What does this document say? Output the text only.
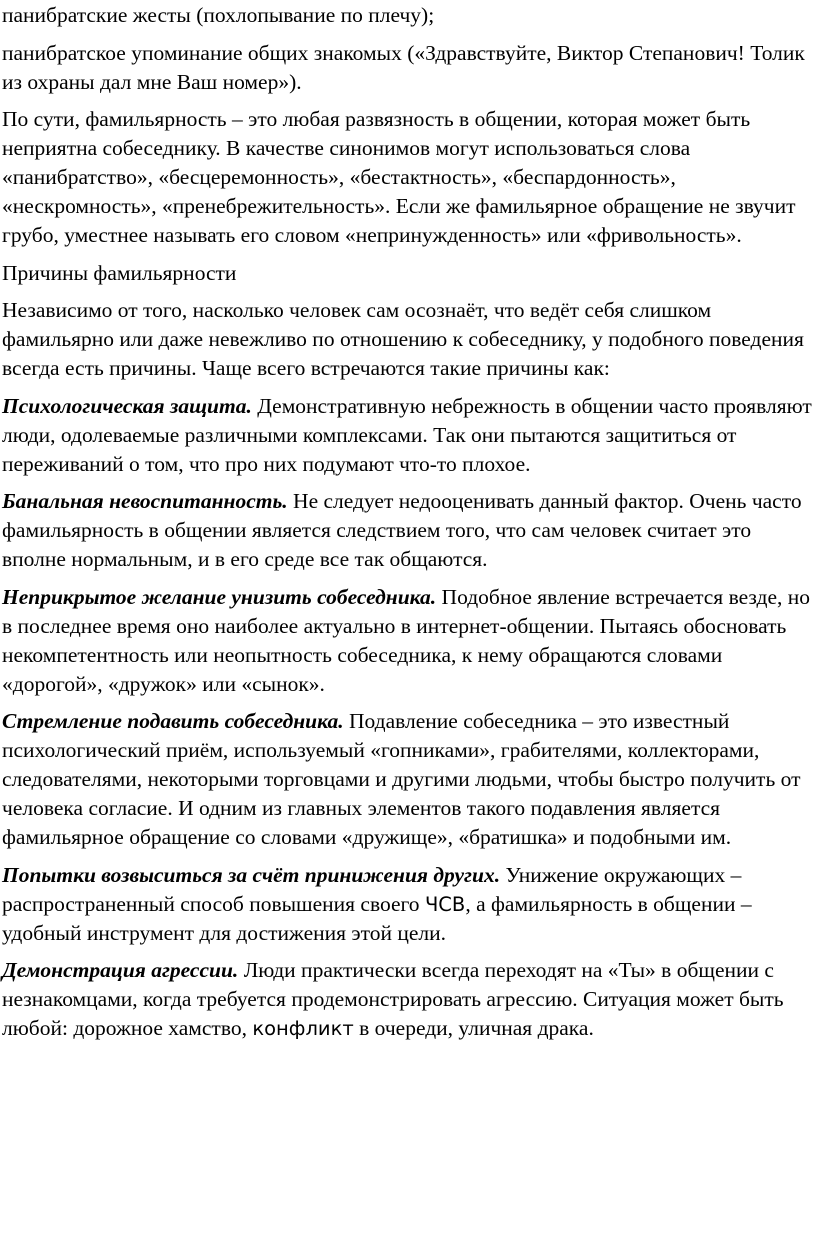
панибратские жесты (похлопывание по плечу);

панибратское упоминание общих знакомых («Здравствуйте, Виктор Степанович! Толик из охраны дал мне Ваш номер»).

По сути, фамильярность – это любая развязность в общении, которая может быть неприятна собеседнику. В качестве синонимов могут использоваться слова «панибратство», «бесцеремонность», «бестактность», «беспардонность», «нескромность», «пренебрежительность». Если же фамильярное обращение не звучит грубо, уместнее называть его словом «непринужденность» или «фривольность».

Причины фамильярности

Независимо от того, насколько человек сам осознаёт, что ведёт себя слишком фамильярно или даже невежливо по отношению к собеседнику, у подобного поведения всегда есть причины. Чаще всего встречаются такие причины как:

Психологическая защита. Демонстративную небрежность в общении часто проявляют люди, одолеваемые различными комплексами. Так они пытаются защититься от переживаний о том, что про них подумают что-то плохое.

Банальная невоспитанность. Не следует недооценивать данный фактор. Очень часто фамильярность в общении является следствием того, что сам человек считает это вполне нормальным, и в его среде все так общаются.

Неприкрытое желание унизить собеседника. Подобное явление встречается везде, но в последнее время оно наиболее актуально в интернет-общении. Пытаясь обосновать некомпетентность или неопытность собеседника, к нему обращаются словами «дорогой», «дружок» или «сынок».

Стремление подавить собеседника. Подавление собеседника – это известный психологический приём, используемый «гопниками», грабителями, коллекторами, следователями, некоторыми торговцами и другими людьми, чтобы быстро получить от человека согласие. И одним из главных элементов такого подавления является фамильярное обращение со словами «дружище», «братишка» и подобными им.

Попытки возвыситься за счёт принижения других. Унижение окружающих – распространенный способ повышения своего ЧСВ, а фамильярность в общении – удобный инструмент для достижения этой цели.

Демонстрация агрессии. Люди практически всегда переходят на «Ты» в общении с незнакомцами, когда требуется продемонстрировать агрессию. Ситуация может быть любой: дорожное хамство, конфликт в очереди, уличная драка.
